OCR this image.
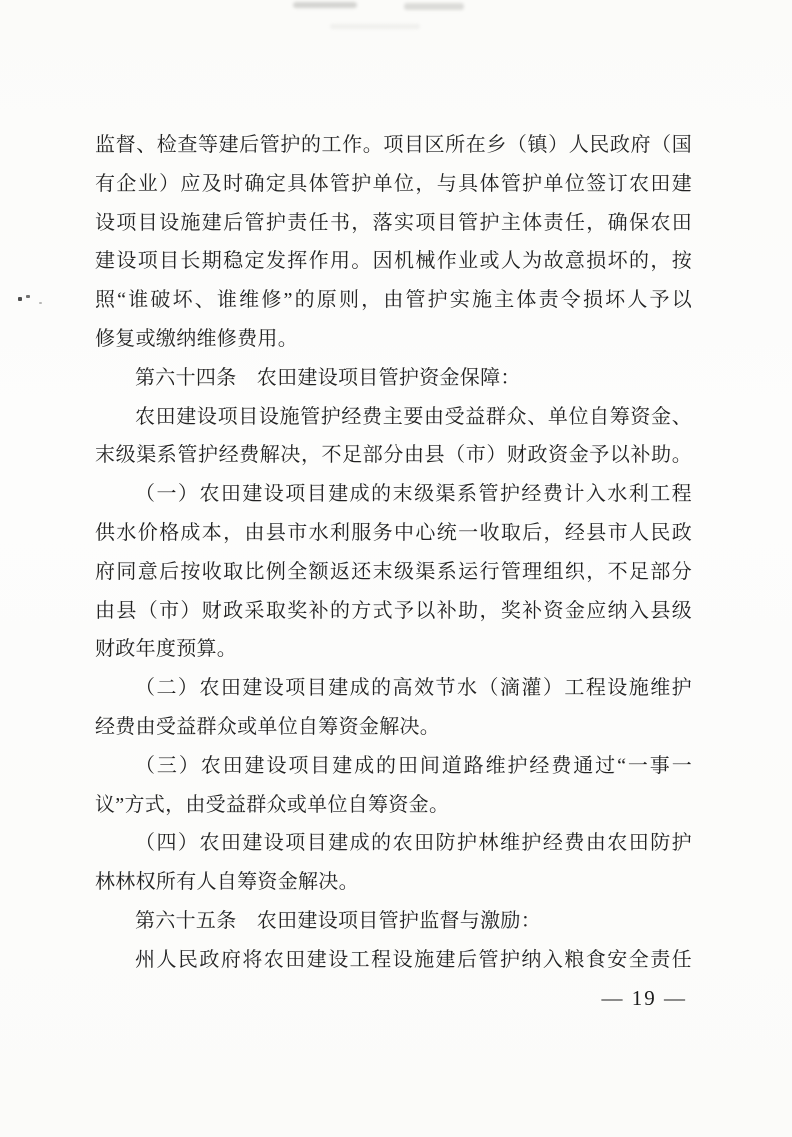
监督、检查等建后管护的工作。项目区所在乡（镇）人民政府（国
有企业）应及时确定具体管护单位，与具体管护单位签订农田建
设项目设施建后管护责任书，落实项目管护主体责任，确保农田
建设项目长期稳定发挥作用。因机械作业或人为故意损坏的，按
照“谁破坏、谁维修”的原则，由管护实施主体责令损坏人予以
修复或缴纳维修费用。
第六十四条　农田建设项目管护资金保障：
农田建设项目设施管护经费主要由受益群众、单位自筹资金、
末级渠系管护经费解决，不足部分由县（市）财政资金予以补助。
（一）农田建设项目建成的末级渠系管护经费计入水利工程
供水价格成本，由县市水利服务中心统一收取后，经县市人民政
府同意后按收取比例全额返还末级渠系运行管理组织，不足部分
由县（市）财政采取奖补的方式予以补助，奖补资金应纳入县级
财政年度预算。
（二）农田建设项目建成的高效节水（滴灌）工程设施维护
经费由受益群众或单位自筹资金解决。
（三）农田建设项目建成的田间道路维护经费通过“一事一
议”方式，由受益群众或单位自筹资金。
（四）农田建设项目建成的农田防护林维护经费由农田防护
林林权所有人自筹资金解决。
第六十五条　农田建设项目管护监督与激励：
州人民政府将农田建设工程设施建后管护纳入粮食安全责任
— 19 —
